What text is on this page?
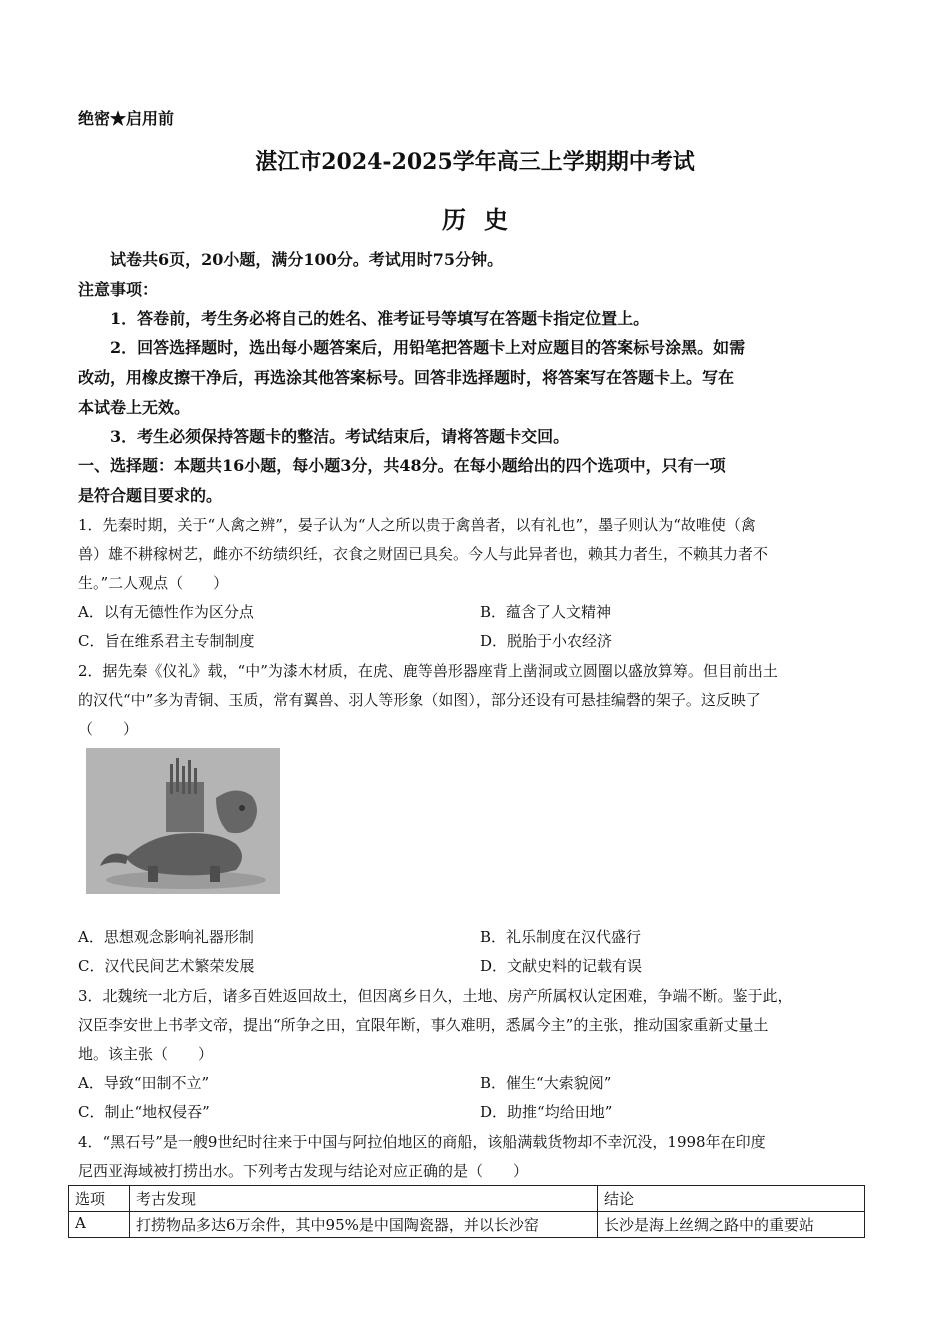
绝密★启用前
湛江市2024-2025学年高三上学期期中考试
历史
试卷共6页，20小题，满分100分。考试用时75分钟。
注意事项：
1．答卷前，考生务必将自己的姓名、准考证号等填写在答题卡指定位置上。
2．回答选择题时，选出每小题答案后，用铅笔把答题卡上对应题目的答案标号涂黑。如需
改动，用橡皮擦干净后，再选涂其他答案标号。回答非选择题时，将答案写在答题卡上。写在
本试卷上无效。
3．考生必须保持答题卡的整洁。考试结束后，请将答题卡交回。
一、选择题：本题共16小题，每小题3分，共48分。在每小题给出的四个选项中，只有一项
是符合题目要求的。
1．先秦时期，关于“人禽之辨”，晏子认为“人之所以贵于禽兽者，以有礼也”，墨子则认为“故唯使（禽
兽）雄不耕稼树艺，雌亦不纺绩织纴，衣食之财固已具矣。今人与此异者也，赖其力者生，不赖其力者不
生。”二人观点（　　）
A．以有无德性作为区分点	B．蕴含了人文精神
C．旨在维系君主专制制度	D．脱胎于小农经济
2．据先秦《仪礼》载，“中”为漆木材质，在虎、鹿等兽形器座背上凿洞或立圆圈以盛放算筹。但目前出土
的汉代“中”多为青铜、玉质，常有翼兽、羽人等形象（如图），部分还设有可悬挂编磬的架子。这反映了
（　　）
A．思想观念影响礼器形制	B．礼乐制度在汉代盛行
C．汉代民间艺术繁荣发展	D．文献史料的记载有误
3．北魏统一北方后，诸多百姓返回故土，但因离乡日久，土地、房产所属权认定困难，争端不断。鉴于此，
汉臣李安世上书孝文帝，提出“所争之田，宜限年断，事久难明，悉属今主”的主张，推动国家重新丈量土
地。该主张（　　）
A．导致“田制不立”	B．催生“大索貌阅”
C．制止“地权侵吞”	D．助推“均给田地”
4．“黑石号”是一艘9世纪时往来于中国与阿拉伯地区的商船，该船满载货物却不幸沉没，1998年在印度
尼西亚海域被打捞出水。下列考古发现与结论对应正确的是（　　）
选项	考古发现	结论
A	打捞物品多达6万余件，其中95%是中国陶瓷器，并以长沙窑	长沙是海上丝绸之路中的重要站
